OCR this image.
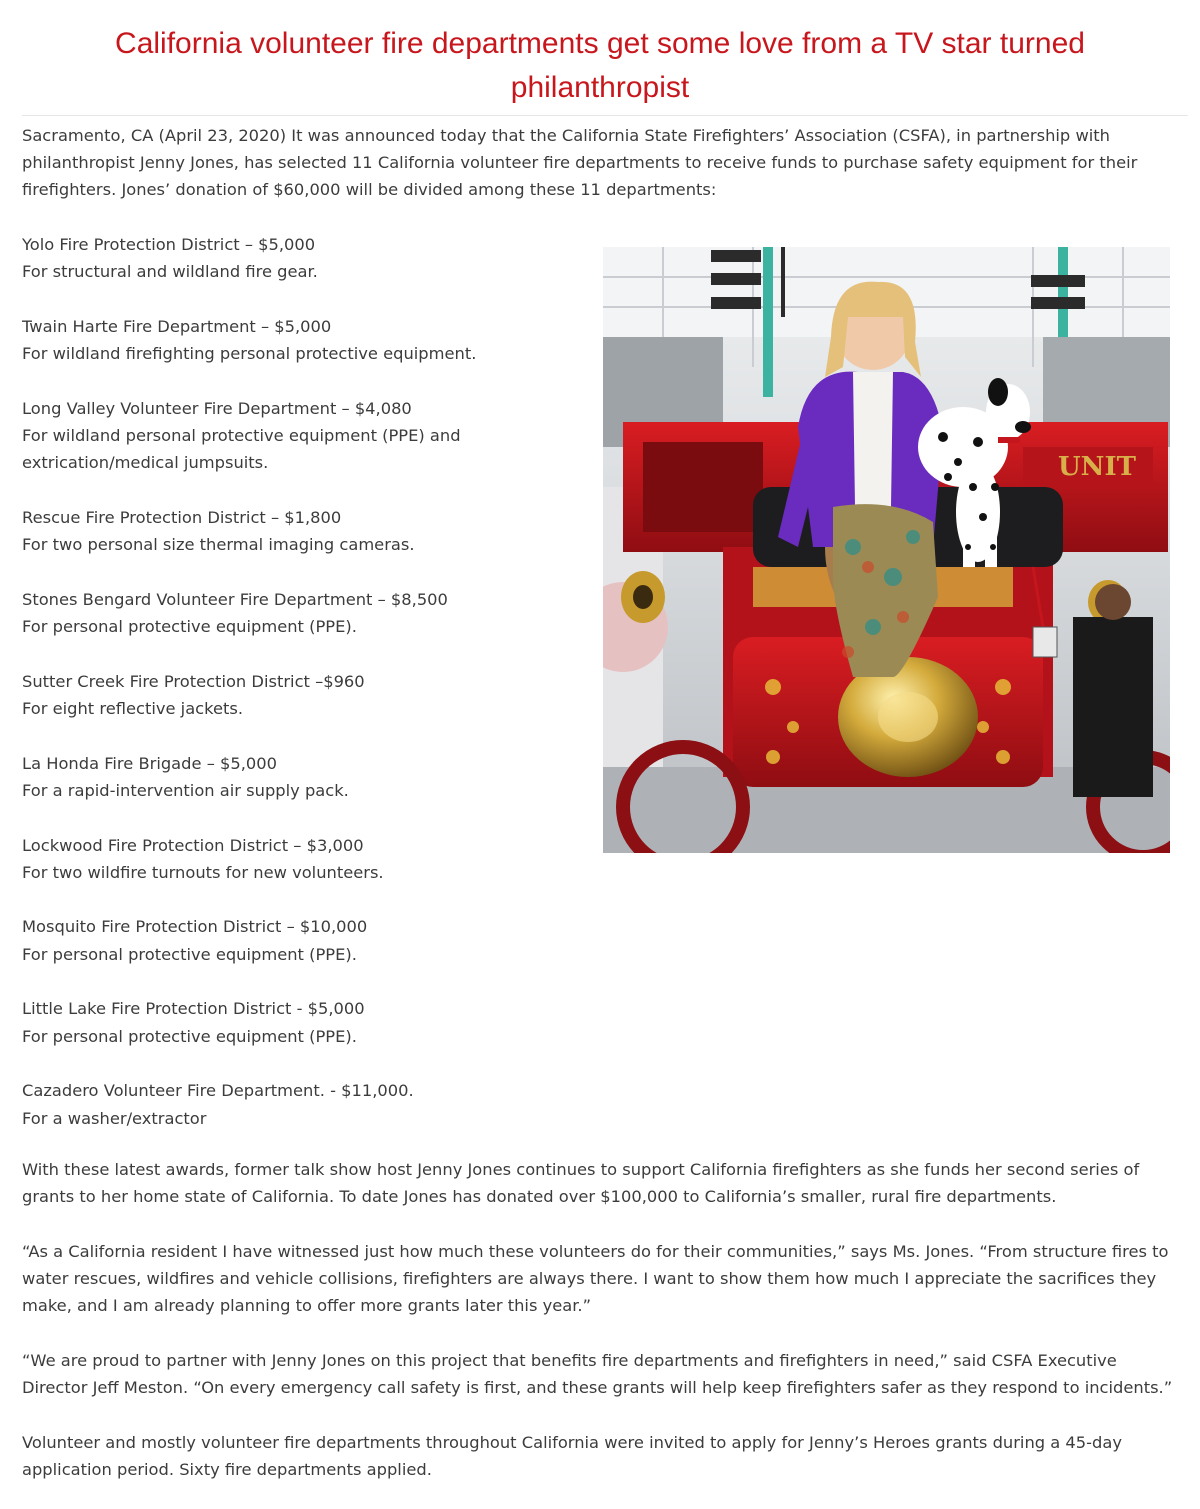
California volunteer fire departments get some love from a TV star turned philanthropist

Sacramento, CA (April 23, 2020) It was announced today that the California State Firefighters’ Association (CSFA), in partnership with philanthropist Jenny Jones, has selected 11 California volunteer fire departments to receive funds to purchase safety equipment for their firefighters. Jones’ donation of $60,000 will be divided among these 11 departments:

Yolo Fire Protection District – $5,000
For structural and wildland fire gear.
Twain Harte Fire Department – $5,000
For wildland firefighting personal protective equipment.
Long Valley Volunteer Fire Department – $4,080
For wildland personal protective equipment (PPE) and extrication/medical jumpsuits.
Rescue Fire Protection District – $1,800
For two personal size thermal imaging cameras.
Stones Bengard Volunteer Fire Department – $8,500
For personal protective equipment (PPE).
Sutter Creek Fire Protection District –$960
For eight reflective jackets.
La Honda Fire Brigade – $5,000
For a rapid-intervention air supply pack.
Lockwood Fire Protection District – $3,000
For two wildfire turnouts for new volunteers.
Mosquito Fire Protection District – $10,000
For personal protective equipment (PPE).
Little Lake Fire Protection District - $5,000
For personal protective equipment (PPE).
Cazadero Volunteer Fire Department. - $11,000.
For a washer/extractor
UNIT

With these latest awards, former talk show host Jenny Jones continues to support California firefighters as she funds her second series of grants to her home state of California. To date Jones has donated over $100,000 to California’s smaller, rural fire departments.

“As a California resident I have witnessed just how much these volunteers do for their communities,” says Ms. Jones. “From structure fires to water rescues, wildfires and vehicle collisions, firefighters are always there. I want to show them how much I appreciate the sacrifices they make, and I am already planning to offer more grants later this year.”

“We are proud to partner with Jenny Jones on this project that benefits fire departments and firefighters in need,” said CSFA Executive Director Jeff Meston. “On every emergency call safety is first, and these grants will help keep firefighters safer as they respond to incidents.”

Volunteer and mostly volunteer fire departments throughout California were invited to apply for Jenny’s Heroes grants during a 45-day application period. Sixty fire departments applied.
